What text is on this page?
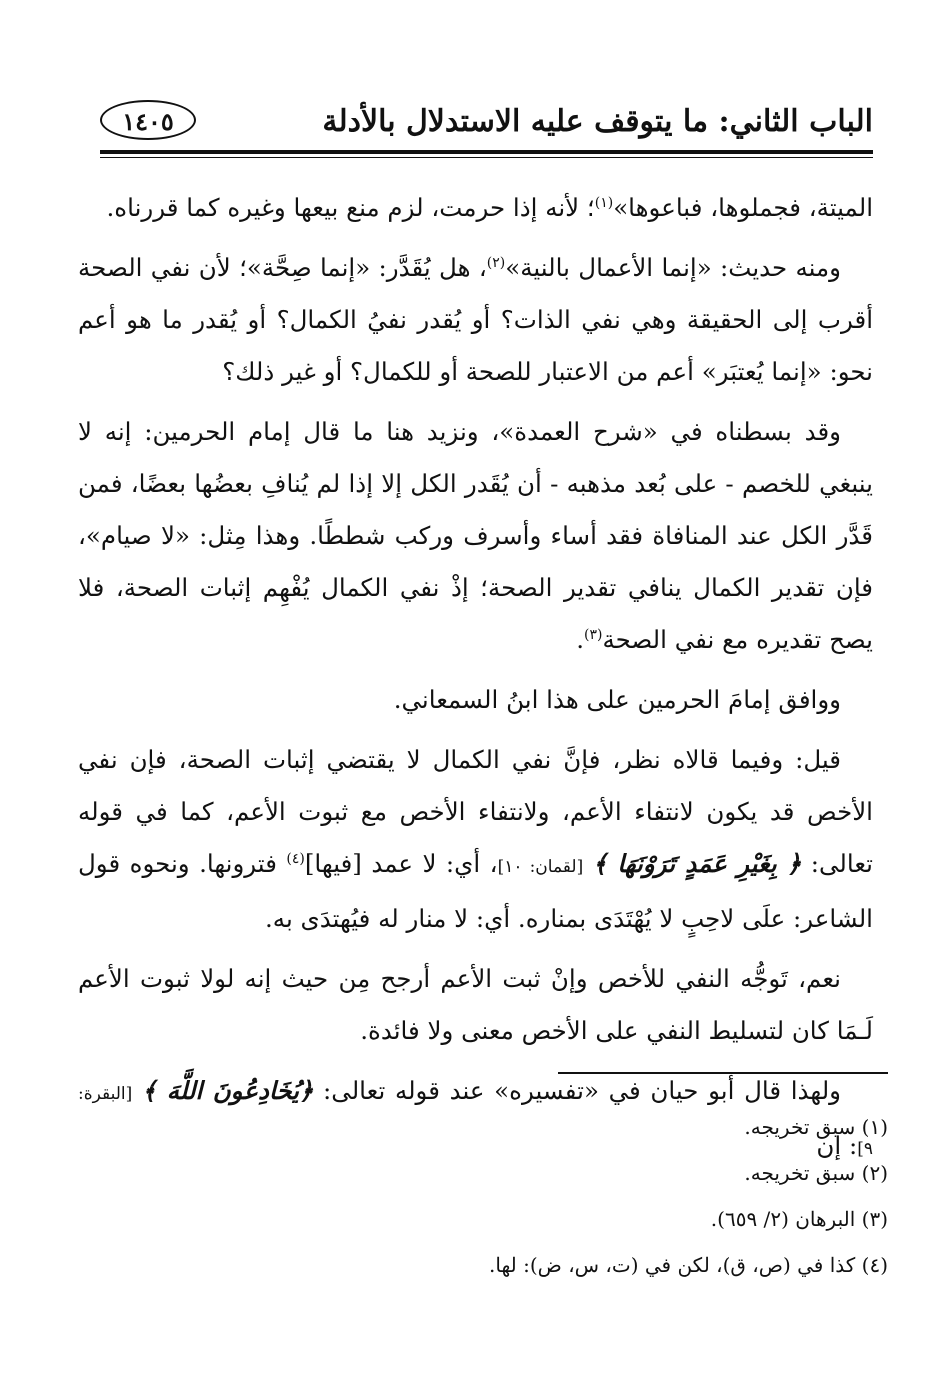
الباب الثاني: ما يتوقف عليه الاستدلال بالأدلة
١٤٠٥

الميتة، فجملوها، فباعوها»$^{(١)}$؛ لأنه إذا حرمت، لزم منع بيعها وغيره كما قررناه.

ومنه حديث: «إنما الأعمال بالنية»$^{(٢)}$، هل يُقَدَّر: «إنما صِحَّة»؛ لأن نفي الصحة أقرب إلى الحقيقة وهي نفي الذات؟ أو يُقدر نفيُ الكمال؟ أو يُقدر ما هو أعم نحو: «إنما يُعتبَر» أعم من الاعتبار للصحة أو للكمال؟ أو غير ذلك؟

وقد بسطناه في «شرح العمدة»، ونزيد هنا ما قال إمام الحرمين: إنه لا ينبغي للخصم - على بُعد مذهبه - أن يُقَدر الكل إلا إذا لم يُنافِ بعضُها بعضًا، فمن قَدَّر الكل عند المنافاة فقد أساء وأسرف وركب شططًا. وهذا مِثل: «لا صيام»، فإن تقدير الكمال ينافي تقدير الصحة؛ إذْ نفي الكمال يُفْهِم إثبات الصحة، فلا يصح تقديره مع نفي الصحة$^{(٣)}$.

ووافق إمامَ الحرمين على هذا ابنُ السمعاني.

قيل: وفيما قالاه نظر، فإنَّ نفي الكمال لا يقتضي إثبات الصحة، فإن نفي الأخص قد يكون لانتفاء الأعم، ولانتفاء الأخص مع ثبوت الأعم، كما في قوله تعالى: ﴿ بِغَيْرِ عَمَدٍ تَرَوْنَهَا ﴾ [لقمان: ١٠]، أي: لا عمد [فيها]$^{(٤)}$ فترونها. ونحوه قول الشاعر: علَى لاحِبٍ لا يُهْتَدَى بمناره. أي: لا منار له فيُهتدَى به.

نعم، تَوجُّه النفي للأخص وإنْ ثبت الأعم أرجح مِن حيث إنه لولا ثبوت الأعم لَـمَا كان لتسليط النفي على الأخص معنى ولا فائدة.

ولهذا قال أبو حيان في «تفسيره» عند قوله تعالى: ﴿يُخَادِعُونَ اللَّهَ ﴾ [البقرة: ٩]: إن

(١) سبق تخريجه.

(٢) سبق تخريجه.

(٣) البرهان (٢/ ٦٥٩).

(٤) كذا في (ص، ق)، لكن في (ت، س، ض): لها.
